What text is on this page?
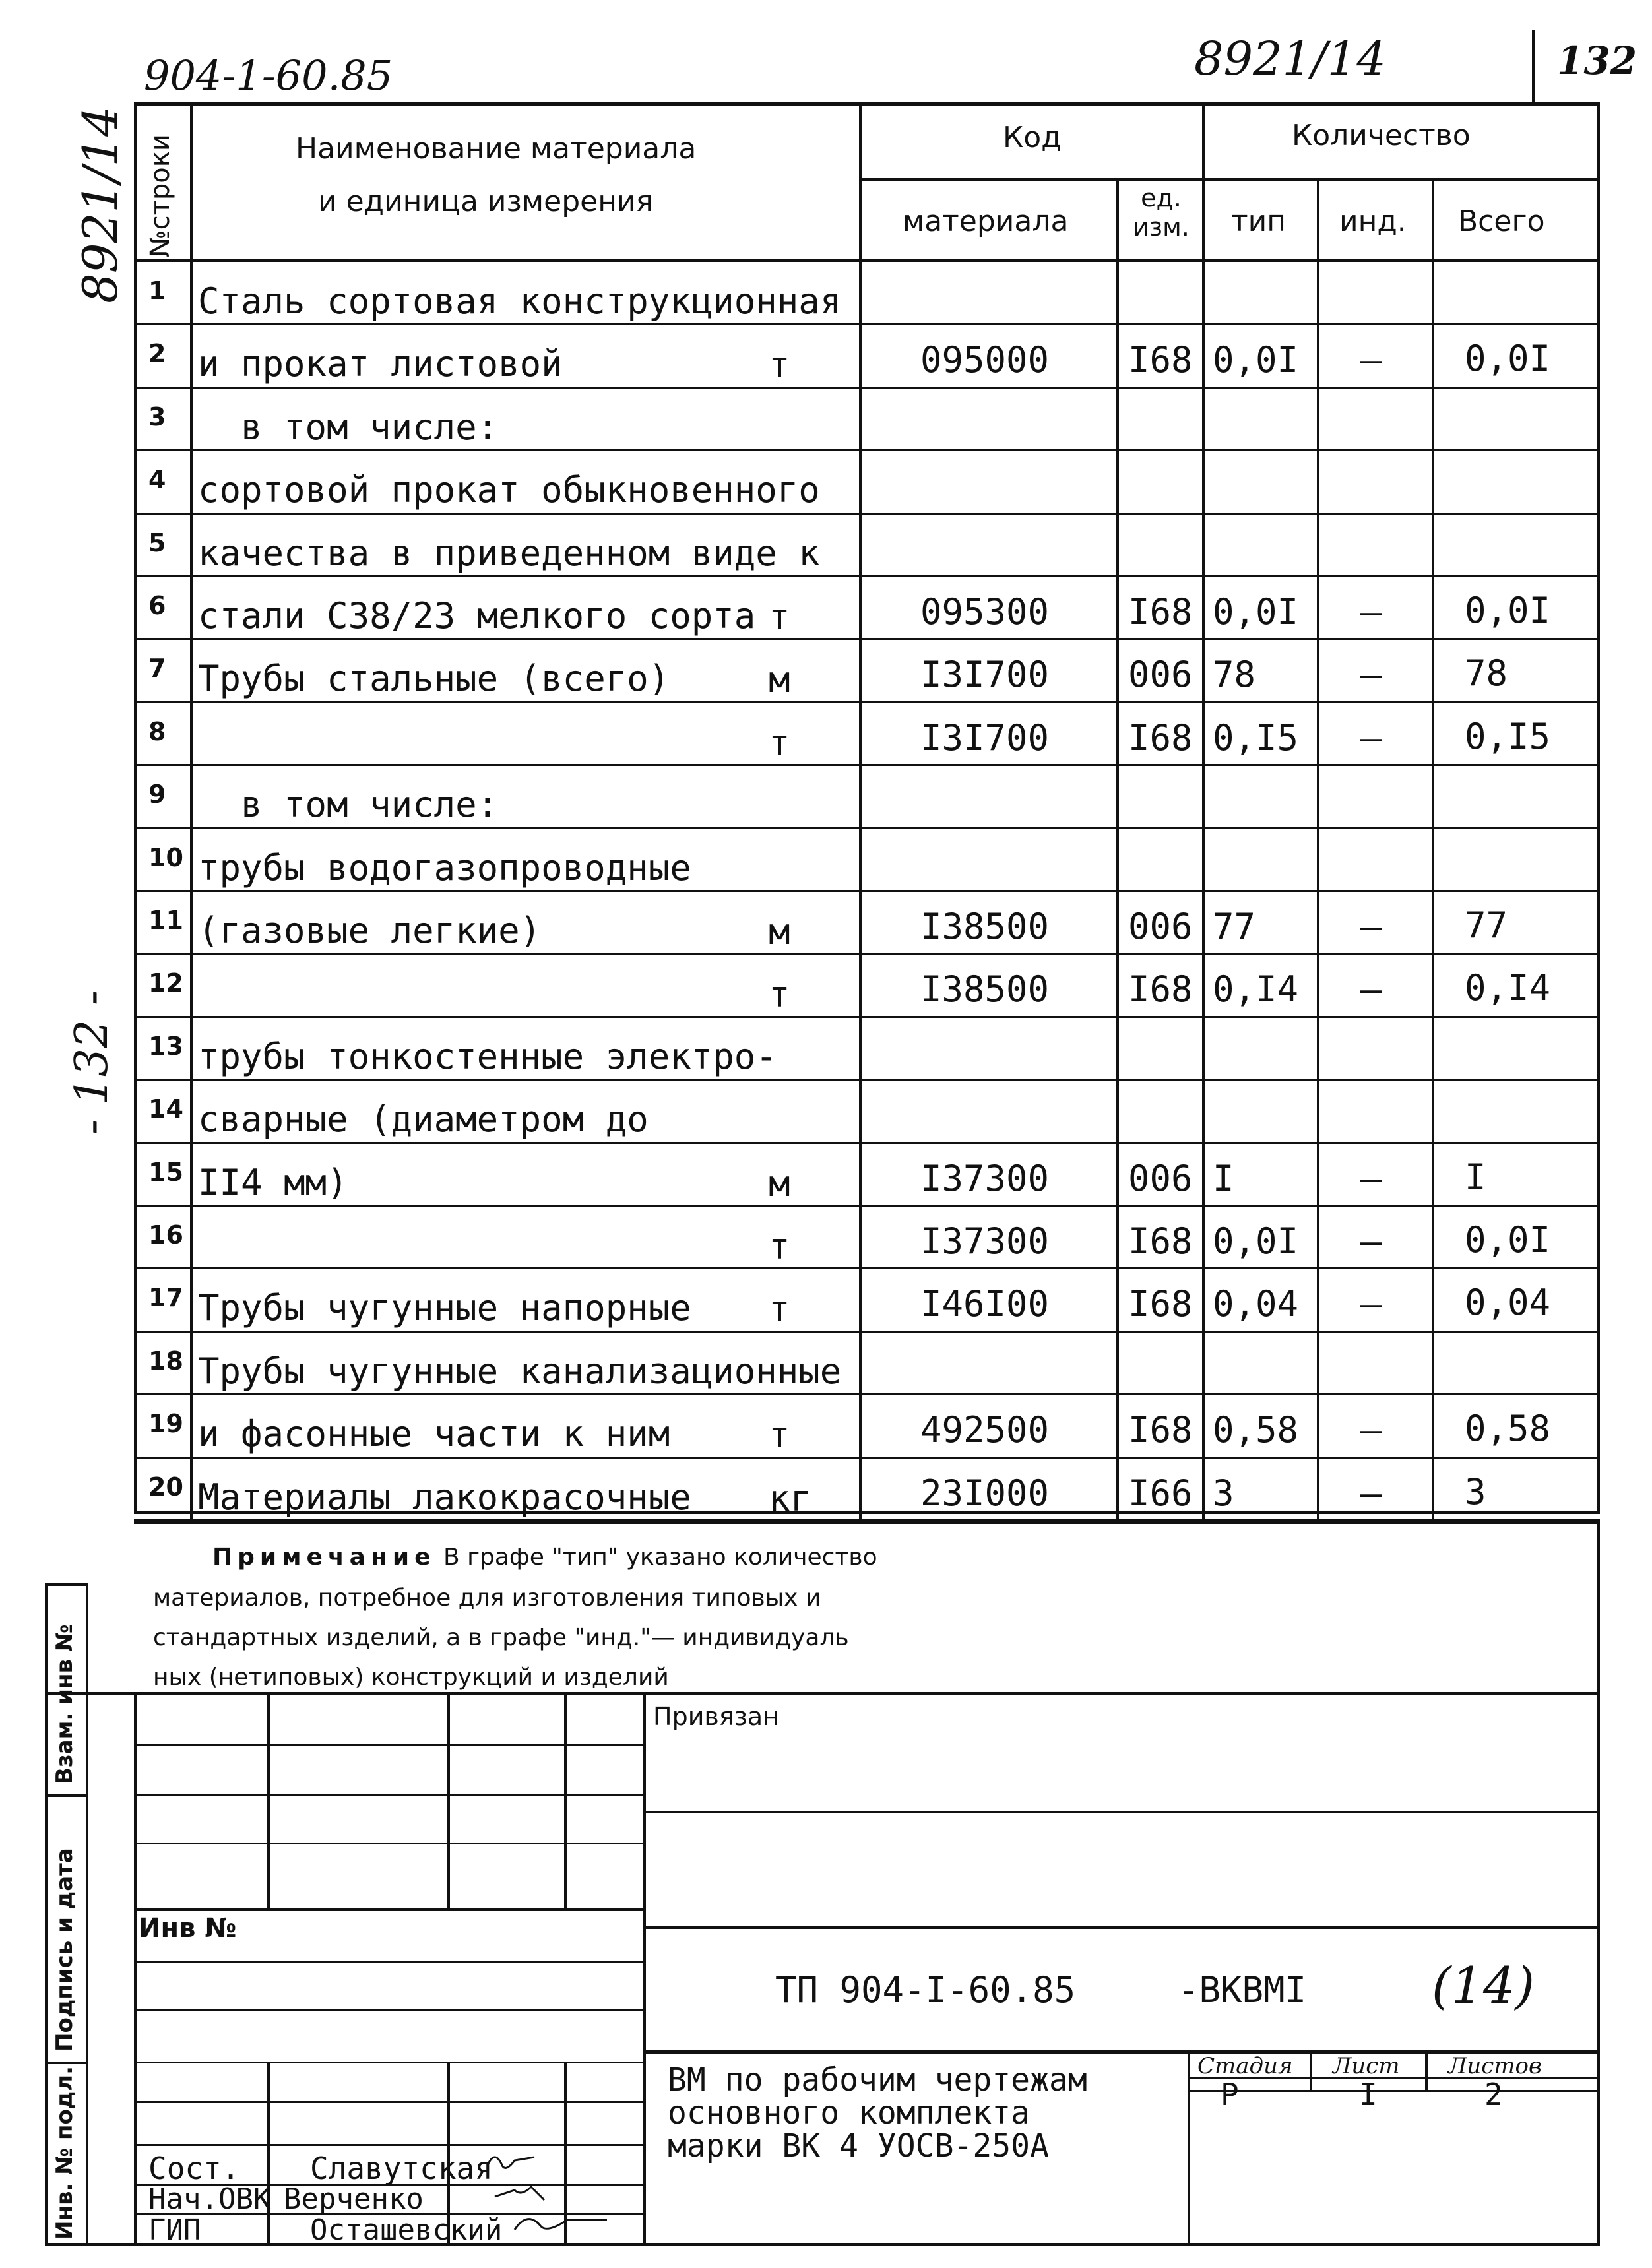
904-1-60.85	8921/14	132
8921/14
- 132 -
№строки	Наименование материала
и единица измерения
Код	Количество
материала
ед. изм.	тип инд. Всего
1 Сталь сортовая конструкционная
2 и прокат листовой	т	095000 I68 0,0I – 0,0I
3 в том числе:
4 сортовой прокат обыкновенного
5 качества в приведенном виде к
6 стали С38/23 мелкого сорта т	095300 I68 0,0I – 0,0I
7 Трубы стальные (всего)	м	I3I700 006 78	– 78
8	т	I3I700 I68 0,I5 – 0,I5
9 в том числе:
10 трубы водогазопроводные
11 (газовые легкие)	м	I38500 006 77	– 77
12	т	I38500 I68 0,I4 – 0,I4
13 трубы тонкостенные электро-
14 сварные (диаметром до
15 II4 мм)	м	I37300 006 I	– I
16	т	I37300 I68 0,0I – 0,0I
17 Трубы чугунные напорные т	I46I00 I68 0,04 – 0,04
18 Трубы чугунные канализационные
19 и фасонные части к ним	т	492500 I68 0,58 – 0,58
20 Материалы лакокрасочные кг	23I000 I66 3	– 3
Примечание В графе "тип" указано количество
материалов, потребное для изготовления типовых и
стандартных изделий, а в графе "инд."— индивидуаль
ных (нетиповых) конструкций и изделий
Взам. инв №
Подпись и дата
Инв. № подл.
Привязан
Инв №
ТП 904-I-60.85	-ВКВМI (14)
ВМ по рабочим чертежам
основного комплекта
марки ВК 4 УОСВ-250А
Стадия Лист Листов
Р	I	2
Сост. Славутская
Нач.ОВК Верченко
ГИП	Осташевский
